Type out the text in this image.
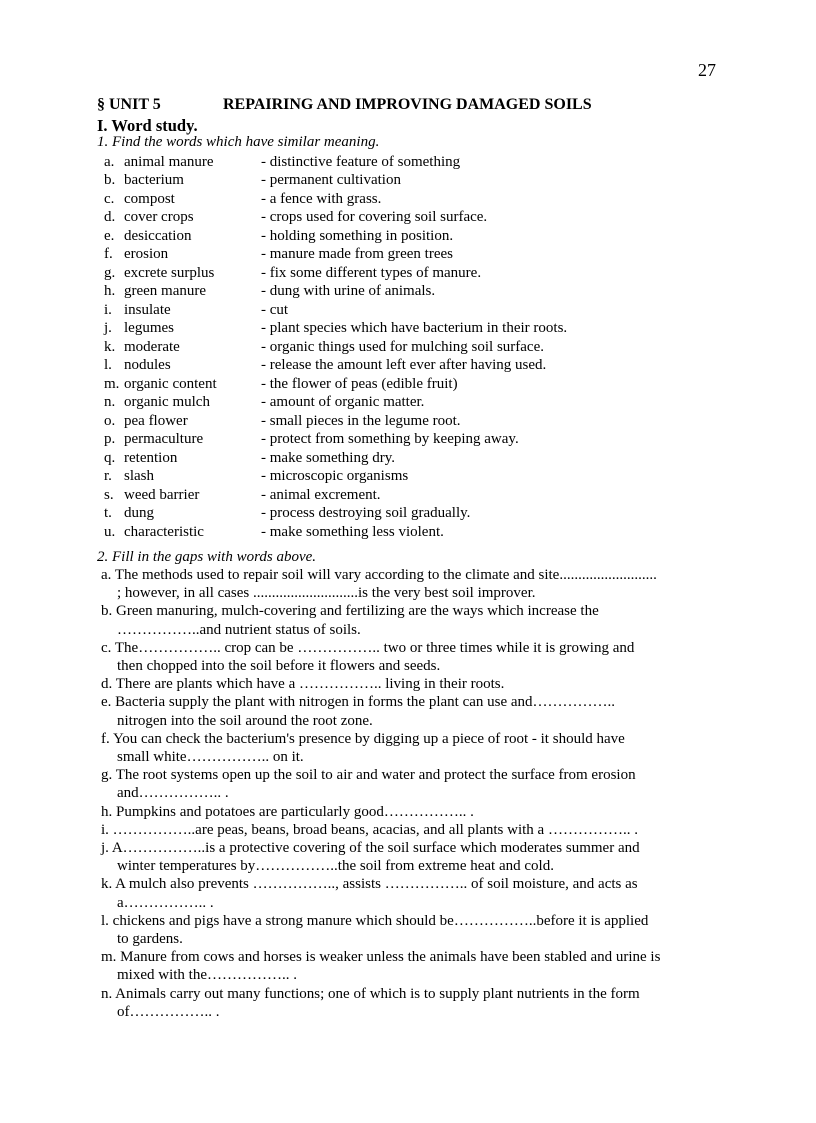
27
§ UNIT 5	REPAIRING AND IMPROVING DAMAGED SOILS
I. Word study.
1. Find the words which have similar meaning.
a. animal manure	- distinctive feature of something
b. bacterium	- permanent cultivation
c. compost	- a fence with grass.
d. cover crops	- crops used for covering soil surface.
e. desiccation	- holding something in position.
f. erosion	- manure made from green trees
g. excrete surplus	- fix some different types of manure.
h. green manure	- dung with urine of animals.
i. insulate	- cut
j. legumes	- plant species which have bacterium in their roots.
k. moderate	- organic things used for mulching soil surface.
l. nodules	- release the amount left ever after having used.
m. organic content	- the flower of peas (edible fruit)
n. organic mulch	- amount of organic matter.
o. pea flower	- small pieces in the legume root.
p. permaculture	- protect from something by keeping away.
q. retention	- make something dry.
r. slash	- microscopic organisms
s. weed barrier	- animal excrement.
t. dung	- process destroying soil gradually.
u. characteristic	- make something less violent.
2. Fill in the gaps with words above.
a. The methods used to repair soil will vary according to the climate and site..........................
; however, in all cases ............................is the very best soil improver.
b. Green manuring, mulch-covering and fertilizing are the ways which increase the
……………..and nutrient status of soils.
c. The…………….. crop can be …………….. two or three times while it is growing and
then chopped into the soil before it flowers and seeds.
d. There are plants which have a …………….. living in their roots.
e. Bacteria supply the plant with nitrogen in forms the plant can use and……………..
nitrogen into the soil around the root zone.
f. You can check the bacterium's presence by digging up a piece of root - it should have
small white…………….. on it.
g. The root systems open up the soil to air and water and protect the surface from erosion
and…………….. .
h. Pumpkins and potatoes are particularly good…………….. .
i. ……………..are peas, beans, broad beans, acacias, and all plants with a …………….. .
j. A……………..is a protective covering of the soil surface which moderates summer and
winter temperatures by……………..the soil from extreme heat and cold.
k. A mulch also prevents …………….., assists …………….. of soil moisture, and acts as
a…………….. .
l. chickens and pigs have a strong manure which should be……………..before it is applied
to gardens.
m. Manure from cows and horses is weaker unless the animals have been stabled and urine is
mixed with the…………….. .
n. Animals carry out many functions; one of which is to supply plant nutrients in the form
of…………….. .
